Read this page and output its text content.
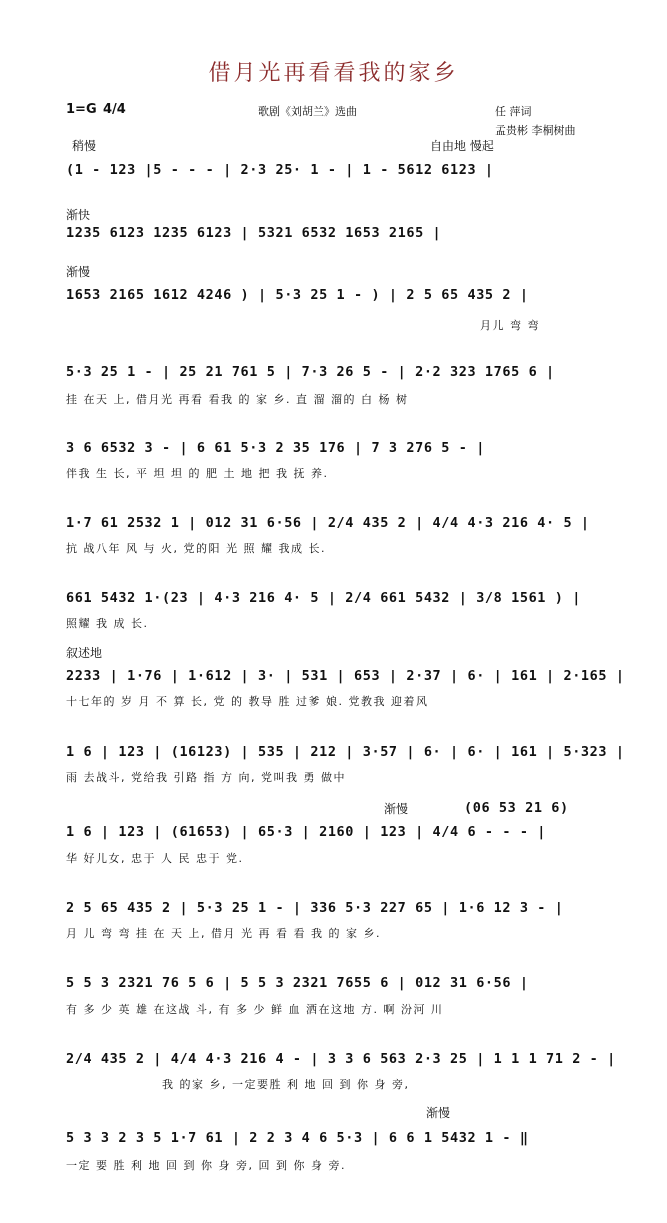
借月光再看看我的家乡
1=G 4/4	歌剧《刘胡兰》选曲	任 萍词
孟贵彬 李桐树曲
稍慢	自由地 慢起
(1 - 123 |5 - - - | 2·3 25· 1 - | 1 - 5612 6123 |
渐快
1235 6123 1235 6123 | 5321 6532 1653 2165 |
渐慢
1653 2165 1612 4246 ) | 5·3 25 1 - ) | 2 5 65 435 2 |
月儿 弯 弯
5·3 25 1 - | 25 21 761 5 | 7·3 26 5 - | 2·2 323 1765 6 |
挂 在天 上, 借月光 再看 看我 的 家 乡. 直 溜 溜的 白 杨 树
3 6 6532 3 - | 6 61 5·3 2 35 176 | 7 3 276 5 - |
伴我 生 长, 平 坦 坦 的 肥 土 地 把 我 抚 养.
1·7 61 2532 1 | 012 31 6·56 | 2/4 435 2 | 4/4 4·3 216 4· 5 |
抗 战八年 风 与 火, 党的阳 光 照 耀 我成 长.
661 5432 1·(23 | 4·3 216 4· 5 | 2/4 661 5432 | 3/8 1561 ) |
照耀 我 成 长.
叙述地
2233 | 1·76 | 1·612 | 3· | 531 | 653 | 2·37 | 6· | 161 | 2·165 |
十七年的 岁 月 不 算 长, 党 的 教导 胜 过爹 娘. 党教我 迎着风
1 6 | 123 | (16123) | 535 | 212 | 3·57 | 6· | 6· | 161 | 5·323 |
雨 去战斗, 党给我 引路 指 方 向, 党叫我 勇 做中
渐慢	(06 53 21 6)
1 6 | 123 | (61653) | 65·3 | 2160 | 123 | 4/4 6 - - - |
华 好儿女, 忠于 人 民 忠于 党.
2 5 65 435 2 | 5·3 25 1 - | 336 5·3 227 65 | 1·6 12 3 - |
月 儿 弯 弯 挂 在 天 上, 借月 光 再 看 看 我 的 家 乡.
5 5 3 2321 76 5 6 | 5 5 3 2321 7655 6 | 012 31 6·56 |
有 多 少 英 雄 在这战 斗, 有 多 少 鲜 血 洒在这地 方. 啊 汾河 川
2/4 435 2 | 4/4 4·3 216 4 - | 3 3 6 563 2·3 25 | 1 1 1 71 2 - |
我 的家 乡, 一定要胜 利 地 回 到 你 身 旁,
渐慢
5 3 3 2 3 5 1·7 61 | 2 2 3 4 6 5·3 | 6 6 1 5432 1 - ‖
一定 要 胜 利 地 回 到 你 身 旁, 回 到 你 身 旁.
